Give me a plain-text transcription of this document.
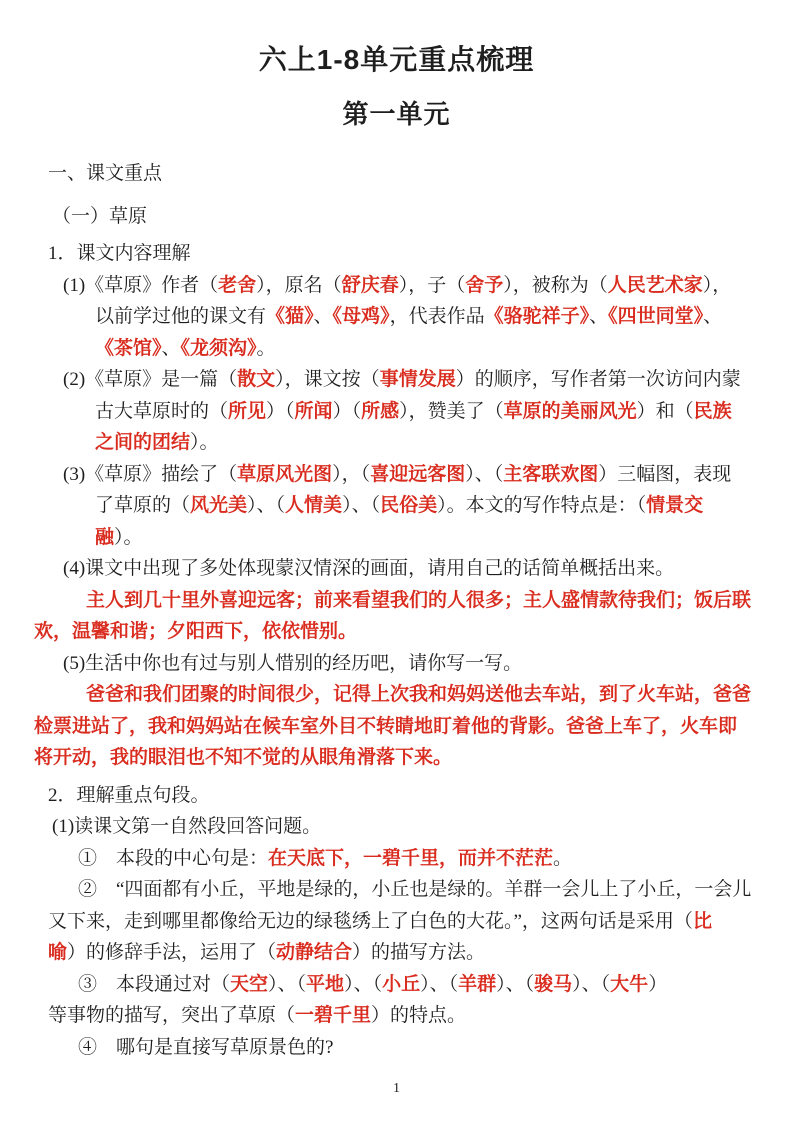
六上1-8单元重点梳理
第一单元
一、课文重点
（一）草原
1．课文内容理解
(1)《草原》作者（老舍），原名（舒庆春），子（舍予），被称为（人民艺术家），
以前学过他的课文有《猫》、《母鸡》，代表作品《骆驼祥子》、《四世同堂》、
《茶馆》、《龙须沟》。
(2)《草原》是一篇（散文），课文按（事情发展）的顺序，写作者第一次访问内蒙
古大草原时的（所见）（所闻）（所感），赞美了（草原的美丽风光）和（民族
之间的团结）。
(3)《草原》描绘了（草原风光图），（喜迎远客图）、（主客联欢图）三幅图，表现
了草原的（风光美）、（人情美）、（民俗美）。本文的写作特点是：（情景交
融）。
(4)课文中出现了多处体现蒙汉情深的画面，请用自己的话简单概括出来。
主人到几十里外喜迎远客；前来看望我们的人很多；主人盛情款待我们；饭后联
欢，温馨和谐；夕阳西下，依依惜别。
(5)生活中你也有过与别人惜别的经历吧，请你写一写。
爸爸和我们团聚的时间很少，记得上次我和妈妈送他去车站，到了火车站，爸爸
检票进站了，我和妈妈站在候车室外目不转睛地盯着他的背影。爸爸上车了，火车即
将开动，我的眼泪也不知不觉的从眼角滑落下来。
2．理解重点句段。
(1)读课文第一自然段回答问题。
①　本段的中心句是：在天底下，一碧千里，而并不茫茫。
②　“四面都有小丘，平地是绿的，小丘也是绿的。羊群一会儿上了小丘，一会儿
又下来，走到哪里都像给无边的绿毯绣上了白色的大花。”，这两句话是采用（比
喻）的修辞手法，运用了（动静结合）的描写方法。
③　本段通过对（天空）、（平地）、（小丘）、（羊群）、（骏马）、（大牛）
等事物的描写，突出了草原（一碧千里）的特点。
④　哪句是直接写草原景色的?
1
